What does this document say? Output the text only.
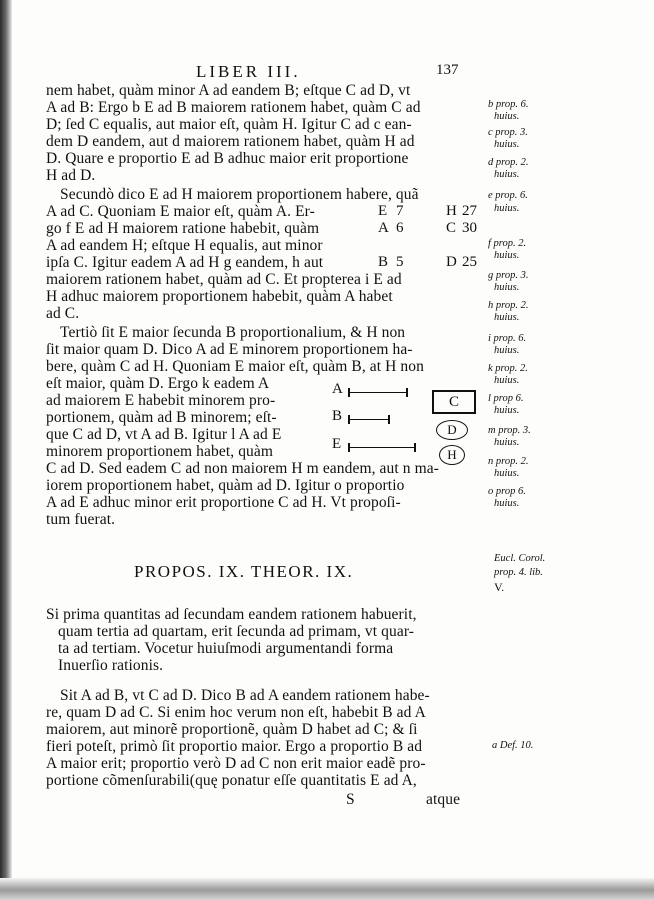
LIBER III.	137
nem habet, quàm minor A ad eandem B; eſtque C ad D, vt
A ad B: Ergo b E ad B maiorem rationem habet, quàm C ad
D; ſed C equalis, aut maior eſt, quàm H. Igitur C ad c ean-
dem D eandem, aut d maiorem rationem habet, quàm H ad
D. Quare e proportio E ad B adhuc maior erit proportione
H ad D.
Secundò dico E ad H maiorem proportionem habere, quã
A ad C. Quoniam E maior eſt, quàm A. Er-
go f E ad H maiorem ratione habebit, quàm
A ad eandem H; eſtque H equalis, aut minor
ipſa C. Igitur eadem A ad H g eandem, h aut
E 7	H 27
A 6	C 30
B 5	D 25
maiorem rationem habet, quàm ad C. Et propterea i E ad
H adhuc maiorem proportionem habebit, quàm A habet
ad C.
Tertiò ſit E maior ſecunda B proportionalium, & H non
ſit maior quam D. Dico A ad E minorem proportionem ha-
bere, quàm C ad H. Quoniam E maior eſt, quàm B, at H non
eſt maior, quàm D. Ergo k eadem A
ad maiorem E habebit minorem pro-
portionem, quàm ad B minorem; eſt-
que C ad D, vt A ad B. Igitur l A ad E
minorem proportionem habet, quàm
A
B
E
C
D
H
C ad D. Sed eadem C ad non maiorem H m eandem, aut n ma-
iorem proportionem habet, quàm ad D. Igitur o proportio
A ad E adhuc minor erit proportione C ad H. Vt propoſi-
tum fuerat.
PROPOS. IX. THEOR. IX.
Si prima quantitas ad ſecundam eandem rationem habuerit,
quam tertia ad quartam, erit ſecunda ad primam, vt quar-
ta ad tertiam. Vocetur huiuſmodi argumentandi forma
Inuerſio rationis.
Sit A ad B, vt C ad D. Dico B ad A eandem rationem habe-
re, quam D ad C. Si enim hoc verum non eſt, habebit B ad A
maiorem, aut minorẽ proportionẽ, quàm D habet ad C; & ſi
fieri poteſt, primò ſit proportio maior. Ergo a proportio B ad
A maior erit; proportio verò D ad C non erit maior eadẽ pro-
portione cõmenſurabili(quę ponatur eſſe quantitatis E ad A,
S	atque
b prop. 6.
huius.
c prop. 3.
huius.
d prop. 2.
huius.
e prop. 6.
huius.
f prop. 2.
huius.
g prop. 3.
huius.
h prop. 2.
huius.
i prop. 6.
huius.
k prop. 2.
huius.
l prop 6.
huius.
m prop. 3.
huius.
n prop. 2.
huius.
o prop 6.
huius.
Eucl. Corol.
prop. 4. lib.
V.
a Def. 10.
